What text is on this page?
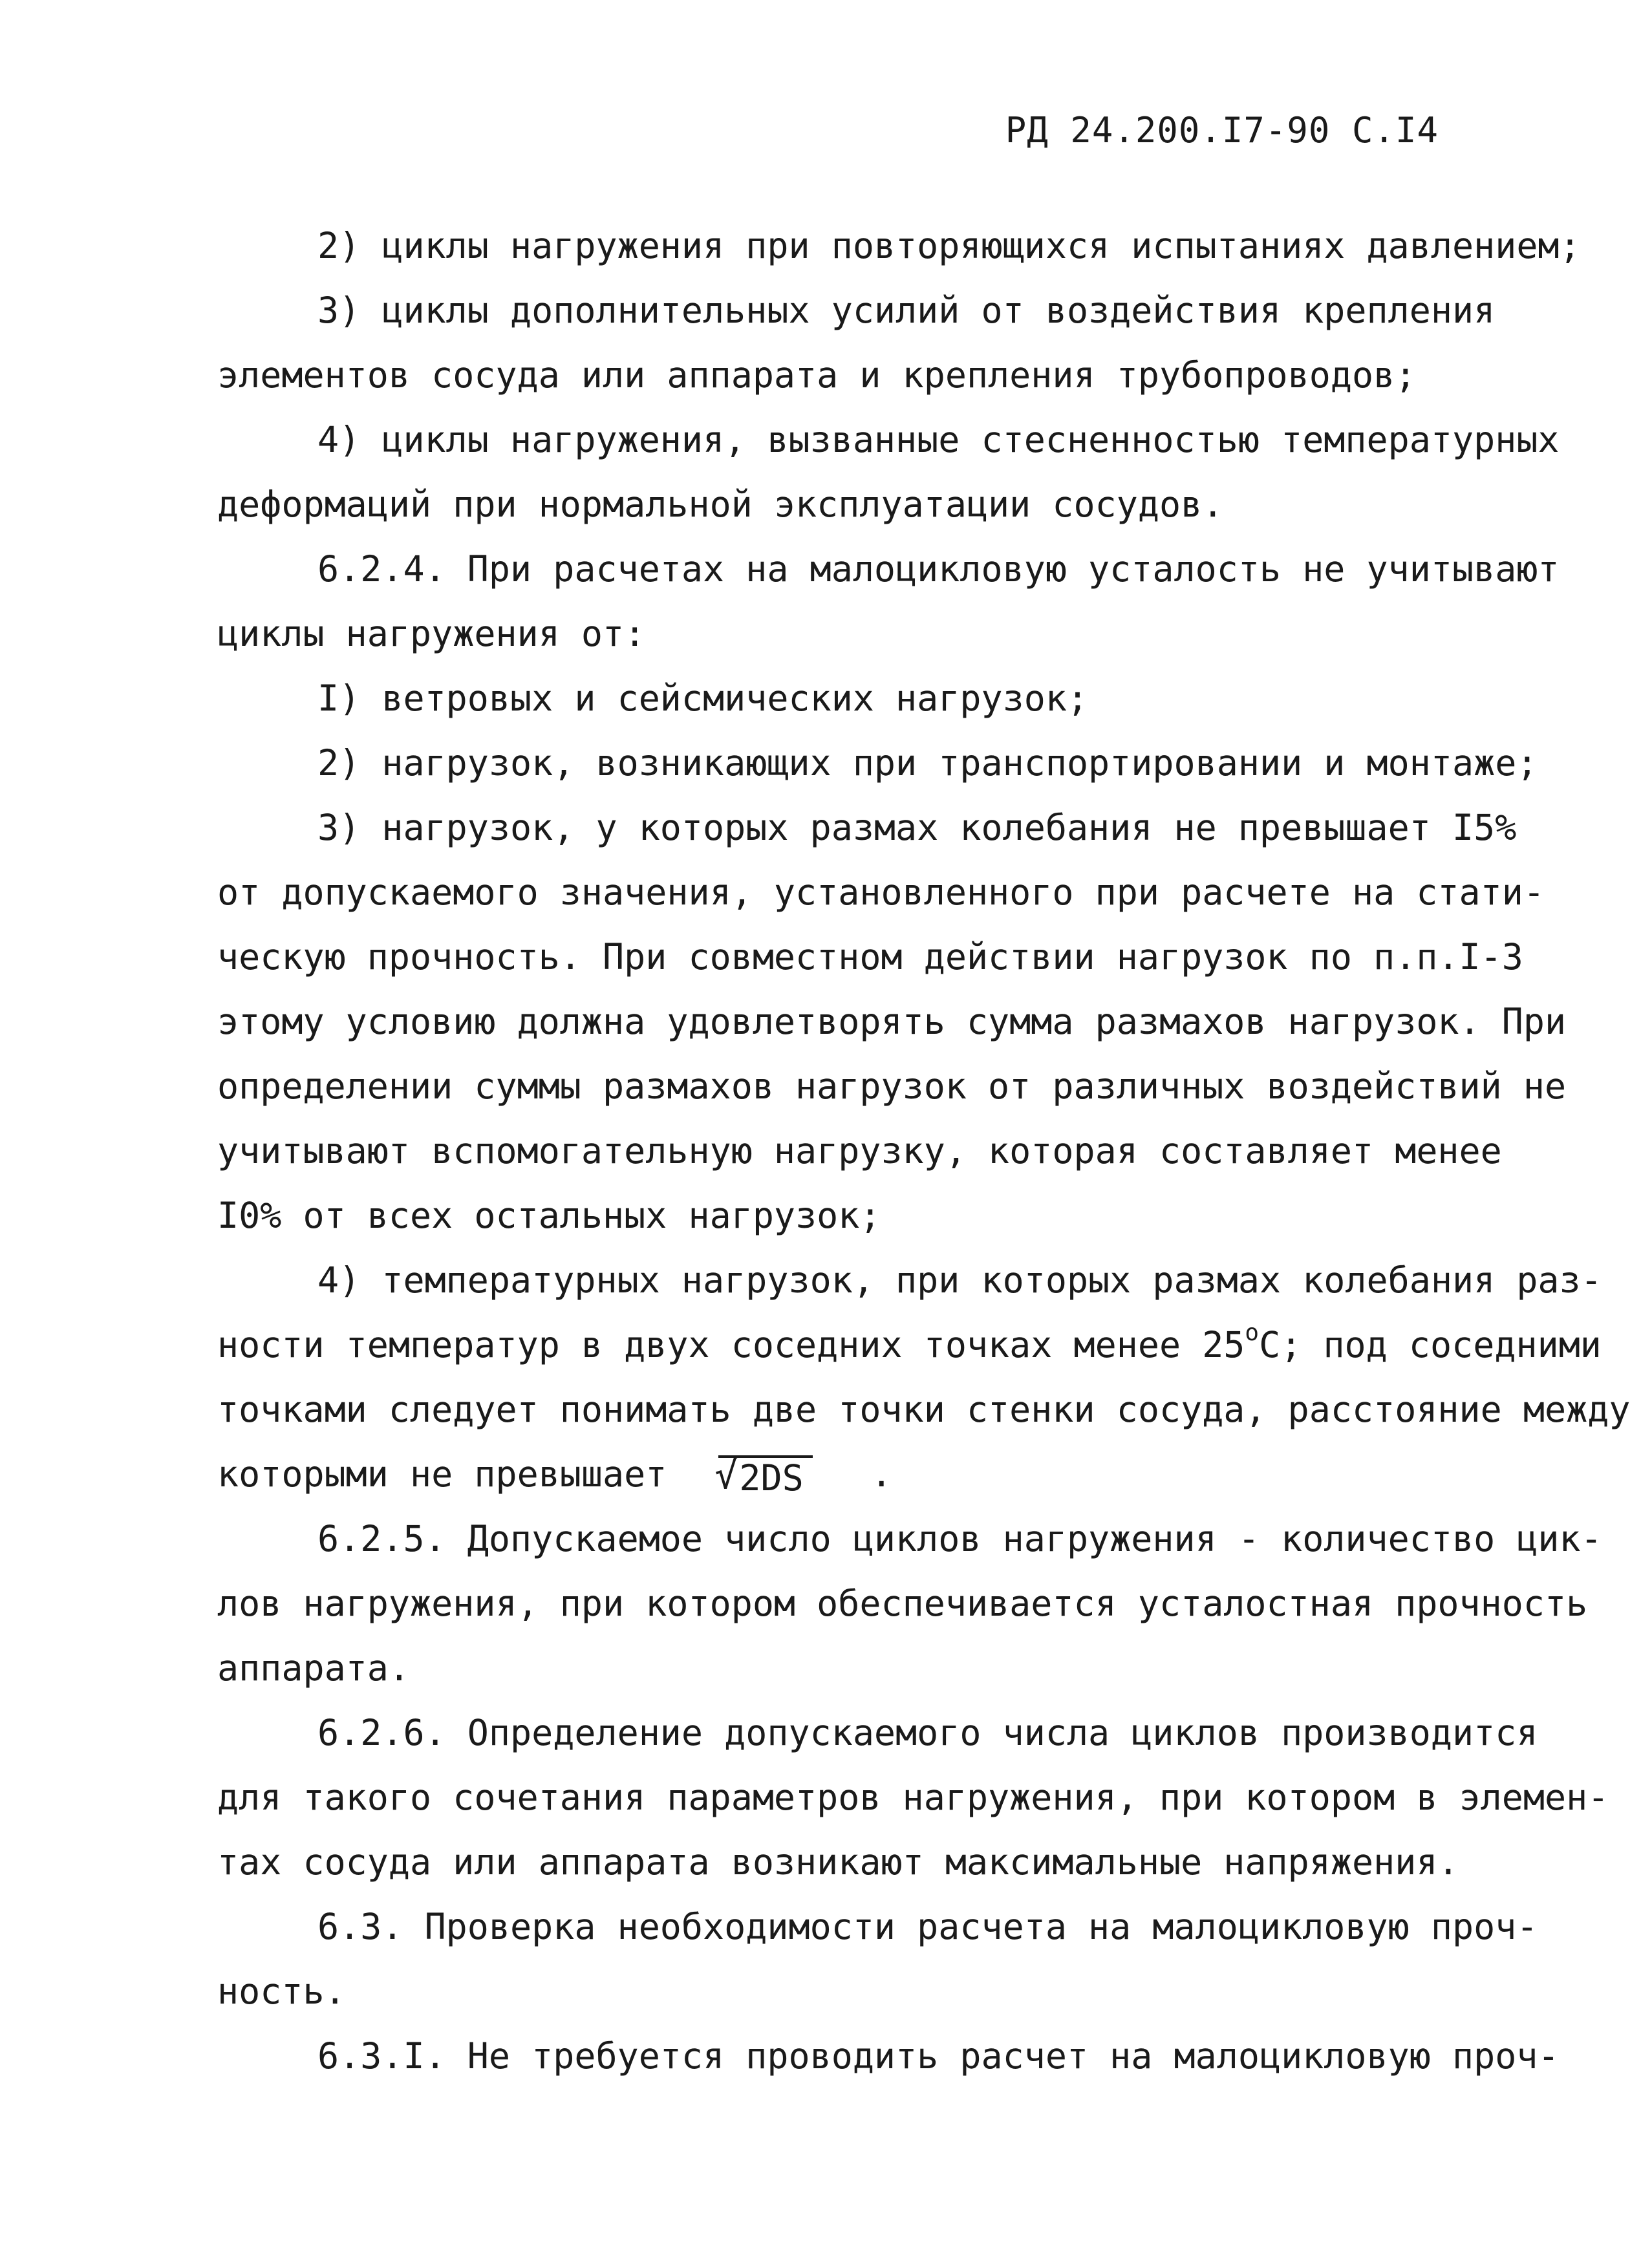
РД 24.200.I7-90 С.I4
2) циклы нагружения при повторяющихся испытаниях давлением;
3) циклы дополнительных усилий от воздействия крепления
элементов сосуда или аппарата и крепления трубопроводов;
4) циклы нагружения, вызванные стесненностью температурных
деформаций при нормальной эксплуатации сосудов.
6.2.4. При расчетах на малоцикловую усталость не учитывают
циклы нагружения от:
I) ветровых и сейсмических нагрузок;
2) нагрузок, возникающих при транспортировании и монтаже;
3) нагрузок, у которых размах колебания не превышает I5%
от допускаемого значения, установленного при расчете на стати-
ческую прочность. При совместном действии нагрузок по п.п.I-3
этому условию должна удовлетворять сумма размахов нагрузок. При
определении суммы размахов нагрузок от различных воздействий не
учитывают вспомогательную нагрузку, которая составляет менее
I0% от всех остальных нагрузок;
4) температурных нагрузок, при которых размах колебания раз-
ности температур в двух соседних точках менее $25^оС$; под соседними
точками следует понимать две точки стенки сосуда, расстояние между
которыми не превышает √ 2DS .
6.2.5. Допускаемое число циклов нагружения - количество цик-
лов нагружения, при котором обеспечивается усталостная прочность
аппарата.
6.2.6. Определение допускаемого числа циклов производится
для такого сочетания параметров нагружения, при котором в элемен-
тах сосуда или аппарата возникают максимальные напряжения.
6.3. Проверка необходимости расчета на малоцикловую проч-
ность.
6.3.I. Не требуется проводить расчет на малоцикловую проч-
